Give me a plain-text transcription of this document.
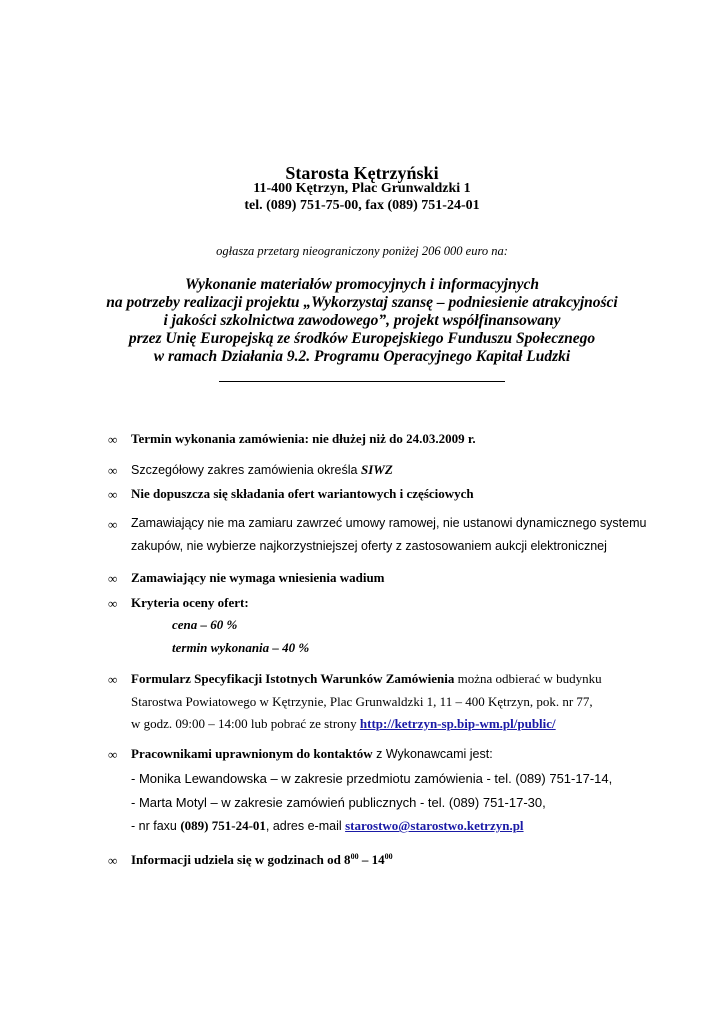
Starosta Kętrzyński
11-400 Kętrzyn, Plac Grunwaldzki 1
tel. (089) 751-75-00, fax (089) 751-24-01
ogłasza przetarg nieograniczony poniżej 206 000 euro na:
Wykonanie materiałów promocyjnych i informacyjnych
na potrzeby realizacji projektu „Wykorzystaj szansę – podniesienie atrakcyjności
i jakości szkolnictwa zawodowego”, projekt współfinansowany
przez Unię Europejską ze środków Europejskiego Funduszu Społecznego
w ramach Działania 9.2. Programu Operacyjnego Kapitał Ludzki
∞ Termin wykonania zamówienia: nie dłużej niż do 24.03.2009 r.
∞ Szczegółowy zakres zamówienia określa SIWZ
∞ Nie dopuszcza się składania ofert wariantowych i częściowych
∞ Zamawiający nie ma zamiaru zawrzeć umowy ramowej, nie ustanowi dynamicznego systemu
zakupów, nie wybierze najkorzystniejszej oferty z zastosowaniem aukcji elektronicznej
∞ Zamawiający nie wymaga wniesienia wadium
∞ Kryteria oceny ofert:
cena – 60 %
termin wykonania – 40 %
∞ Formularz Specyfikacji Istotnych Warunków Zamówienia można odbierać w budynku
Starostwa Powiatowego w Kętrzynie, Plac Grunwaldzki 1, 11 – 400 Kętrzyn, pok. nr 77,
w godz. 09:00 – 14:00 lub pobrać ze strony http://ketrzyn-sp.bip-wm.pl/public/
∞ Pracownikami uprawnionym do kontaktów z Wykonawcami jest:
- Monika Lewandowska – w zakresie przedmiotu zamówienia - tel. (089) 751-17-14,
- Marta Motyl – w zakresie zamówień publicznych - tel. (089) 751-17-30,
- nr faxu (089) 751-24-01, adres e-mail starostwo@starostwo.ketrzyn.pl
∞ Informacji udziela się w godzinach od $8^{00} - 14^{00}$
